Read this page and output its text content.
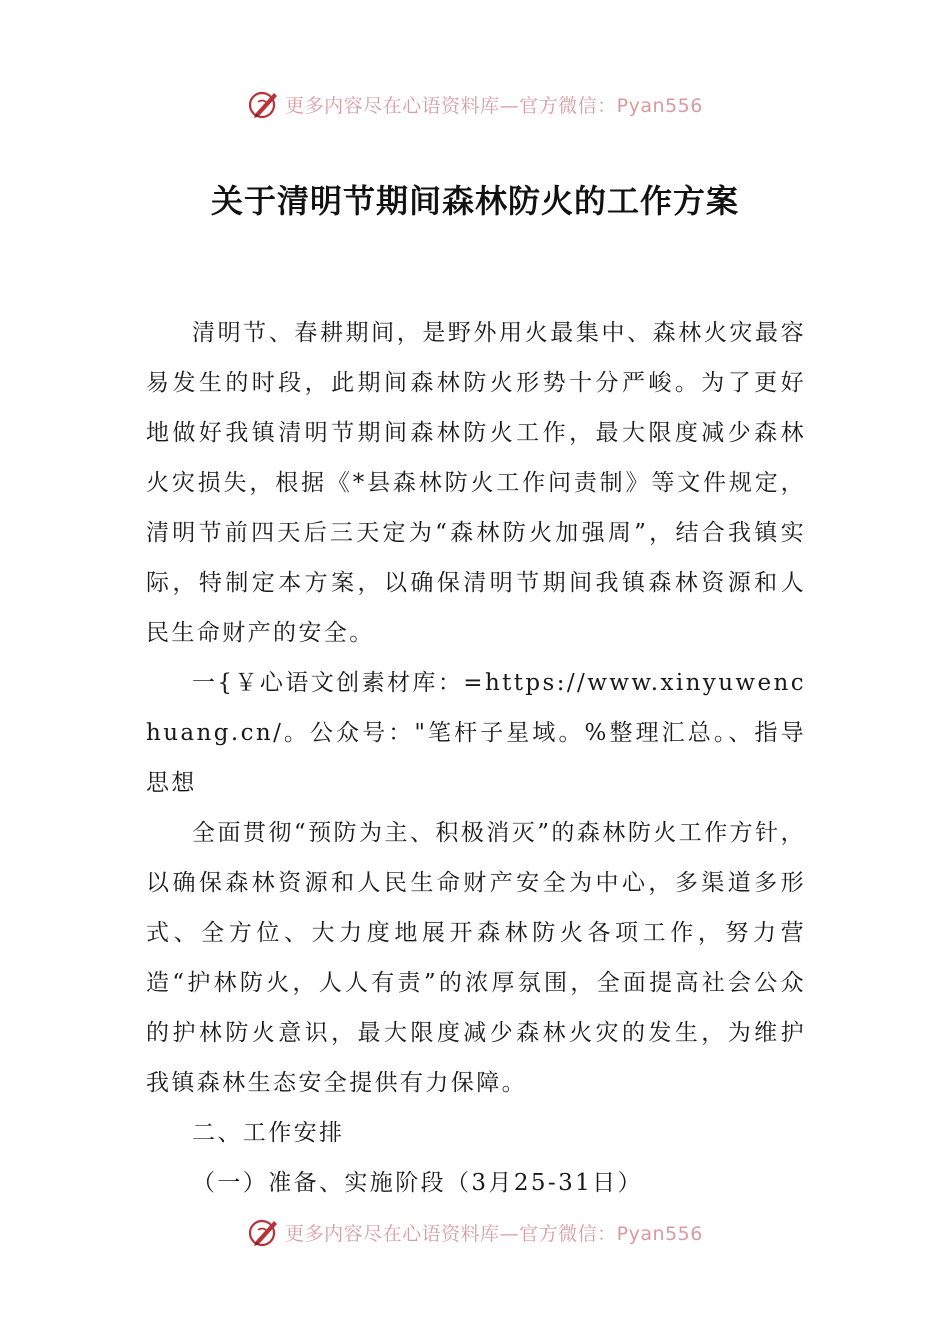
更多内容尽在心语资料库—官方微信：Pyan556
关于清明节期间森林防火的工作方案

清明节、春耕期间，是野外用火最集中、森林火灾最容易发生的时段，此期间森林防火形势十分严峻。为了更好地做好我镇清明节期间森林防火工作，最大限度减少森林火灾损失，根据《*县森林防火工作问责制》等文件规定，清明节前四天后三天定为“森林防火加强周”，结合我镇实际，特制定本方案，以确保清明节期间我镇森林资源和人民生命财产的安全。

一{￥心语文创素材库：=https://www.xinyuwenchuang.cn/。公众号："笔杆子星域。%整理汇总。、指导思想

全面贯彻“预防为主、积极消灭”的森林防火工作方针，以确保森林资源和人民生命财产安全为中心，多渠道多形式、全方位、大力度地展开森林防火各项工作，努力营造“护林防火，人人有责”的浓厚氛围，全面提高社会公众的护林防火意识，最大限度减少森林火灾的发生，为维护我镇森林生态安全提供有力保障。

二、工作安排

（一）准备、实施阶段（3月25-31日）

更多内容尽在心语资料库—官方微信：Pyan556
